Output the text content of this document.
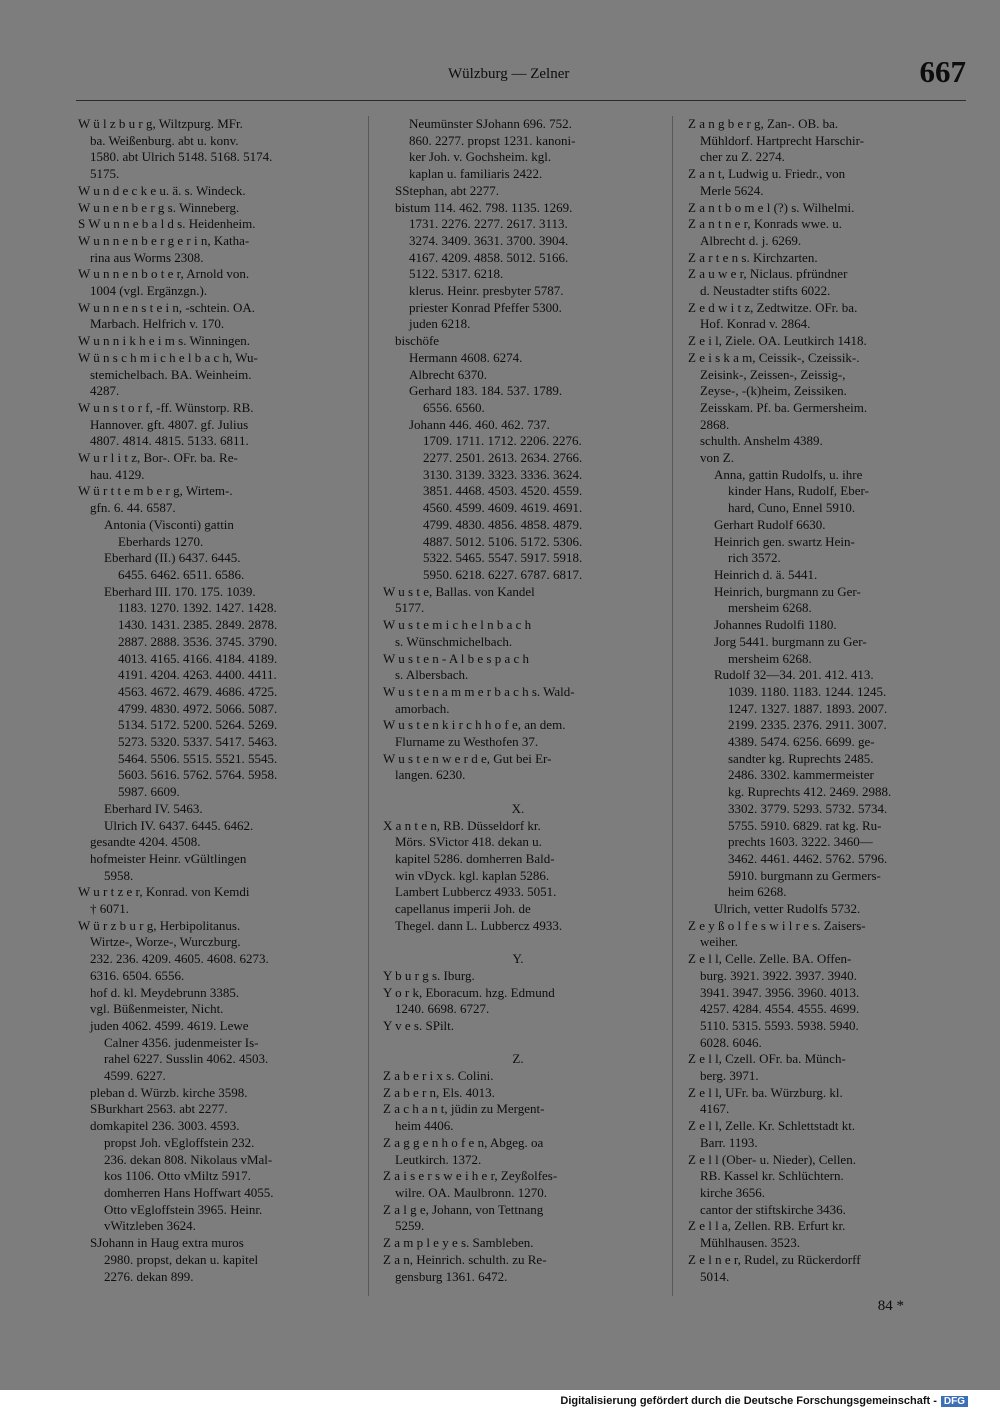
Wülzburg — Zelner	667
W ü l z b u r g, Wiltzpurg. MFr.
ba. Weißenburg. abt u. konv.
1580. abt Ulrich 5148. 5168. 5174.
5175.
W u n d e c k e u. ä. s. Windeck.
W u n e n b e r g s. Winneberg.
S W u n n e b a l d s. Heidenheim.
W u n n e n b e r g e r i n, Katha-
rina aus Worms 2308.
W u n n e n b o t e r, Arnold von.
1004 (vgl. Ergänzgn.).
W u n n e n s t e i n, -schtein. OA.
Marbach. Helfrich v. 170.
W u n n i k h e i m s. Winningen.
W ü n s c h m i c h e l b a c h, Wu-
stemichelbach. BA. Weinheim.
4287.
W u n s t o r f, -ff. Wünstorp. RB.
Hannover. gft. 4807. gf. Julius
4807. 4814. 4815. 5133. 6811.
W u r l i t z, Bor-. OFr. ba. Re-
hau. 4129.
W ü r t t e m b e r g, Wirtem-.
gfn. 6. 44. 6587.
Antonia (Visconti) gattin
Eberhards 1270.
Eberhard (II.) 6437. 6445.
6455. 6462. 6511. 6586.
Eberhard III. 170. 175. 1039.
1183. 1270. 1392. 1427. 1428.
1430. 1431. 2385. 2849. 2878.
2887. 2888. 3536. 3745. 3790.
4013. 4165. 4166. 4184. 4189.
4191. 4204. 4263. 4400. 4411.
4563. 4672. 4679. 4686. 4725.
4799. 4830. 4972. 5066. 5087.
5134. 5172. 5200. 5264. 5269.
5273. 5320. 5337. 5417. 5463.
5464. 5506. 5515. 5521. 5545.
5603. 5616. 5762. 5764. 5958.
5987. 6609.
Eberhard IV. 5463.
Ulrich IV. 6437. 6445. 6462.
gesandte 4204. 4508.
hofmeister Heinr. vGültlingen
5958.
W u r t z e r, Konrad. von Kemdi
† 6071.
W ü r z b u r g, Herbipolitanus.
Wirtze-, Worze-, Wurczburg.
232. 236. 4209. 4605. 4608. 6273.
6316. 6504. 6556.
hof d. kl. Meydebrunn 3385.
vgl. Büßenmeister, Nicht.
juden 4062. 4599. 4619. Lewe
Calner 4356. judenmeister Is-
rahel 6227. Susslin 4062. 4503.
4599. 6227.
pleban d. Würzb. kirche 3598.
SBurkhart 2563. abt 2277.
domkapitel 236. 3003. 4593.
propst Joh. vEgloffstein 232.
236. dekan 808. Nikolaus vMal-
kos 1106. Otto vMiltz 5917.
domherren Hans Hoffwart 4055.
Otto vEgloffstein 3965. Heinr.
vWitzleben 3624.
SJohann in Haug extra muros
2980. propst, dekan u. kapitel
2276. dekan 899.
Neumünster SJohann 696. 752.
860. 2277. propst 1231. kanoni-
ker Joh. v. Gochsheim. kgl.
kaplan u. familiaris 2422.
SStephan, abt 2277.
bistum 114. 462. 798. 1135. 1269.
1731. 2276. 2277. 2617. 3113.
3274. 3409. 3631. 3700. 3904.
4167. 4209. 4858. 5012. 5166.
5122. 5317. 6218.
klerus. Heinr. presbyter 5787.
priester Konrad Pfeffer 5300.
juden 6218.
bischöfe
Hermann 4608. 6274.
Albrecht 6370.
Gerhard 183. 184. 537. 1789.
6556. 6560.
Johann 446. 460. 462. 737.
1709. 1711. 1712. 2206. 2276.
2277. 2501. 2613. 2634. 2766.
3130. 3139. 3323. 3336. 3624.
3851. 4468. 4503. 4520. 4559.
4560. 4599. 4609. 4619. 4691.
4799. 4830. 4856. 4858. 4879.
4887. 5012. 5106. 5172. 5306.
5322. 5465. 5547. 5917. 5918.
5950. 6218. 6227. 6787. 6817.
W u s t e, Ballas. von Kandel
5177.
W u s t e m i c h e l n b a c h
s. Wünschmichelbach.
W u s t e n - A l b e s p a c h
s. Albersbach.
W u s t e n a m m e r b a c h s. Wald-
amorbach.
W u s t e n k i r c h h o f e, an dem.
Flurname zu Westhofen 37.
W u s t e n w e r d e, Gut bei Er-
langen. 6230.

X.
X a n t e n, RB. Düsseldorf kr.
Mörs. SVictor 418. dekan u.
kapitel 5286. domherren Bald-
win vDyck. kgl. kaplan 5286.
Lambert Lubbercz 4933. 5051.
capellanus imperii Joh. de
Thegel. dann L. Lubbercz 4933.

Y.
Y b u r g s. Iburg.
Y o r k, Eboracum. hzg. Edmund
1240. 6698. 6727.
Y v e s. SPilt.

Z.
Z a b e r i x s. Colini.
Z a b e r n, Els. 4013.
Z a c h a n t, jüdin zu Mergent-
heim 4406.
Z a g g e n h o f e n, Abgeg. oa
Leutkirch. 1372.
Z a i s e r s w e i h e r, Zeyßolfes-
wilre. OA. Maulbronn. 1270.
Z a l g e, Johann, von Tettnang
5259.
Z a m p l e y e s. Sambleben.
Z a n, Heinrich. schulth. zu Re-
gensburg 1361. 6472.
Z a n g b e r g, Zan-. OB. ba.
Mühldorf. Hartprecht Harschir-
cher zu Z. 2274.
Z a n t, Ludwig u. Friedr., von
Merle 5624.
Z a n t b o m e l (?) s. Wilhelmi.
Z a n t n e r, Konrads wwe. u.
Albrecht d. j. 6269.
Z a r t e n s. Kirchzarten.
Z a u w e r, Niclaus. pfründner
d. Neustadter stifts 6022.
Z e d w i t z, Zedtwitze. OFr. ba.
Hof. Konrad v. 2864.
Z e i l, Ziele. OA. Leutkirch 1418.
Z e i s k a m, Ceissik-, Czeissik-.
Zeisink-, Zeissen-, Zeissig-,
Zeyse-, -(k)heim, Zeissiken.
Zeisskam. Pf. ba. Germersheim.
2868.
schulth. Anshelm 4389.
von Z.
Anna, gattin Rudolfs, u. ihre
kinder Hans, Rudolf, Eber-
hard, Cuno, Ennel 5910.
Gerhart Rudolf 6630.
Heinrich gen. swartz Hein-
rich 3572.
Heinrich d. ä. 5441.
Heinrich, burgmann zu Ger-
mersheim 6268.
Johannes Rudolfi 1180.
Jorg 5441. burgmann zu Ger-
mersheim 6268.
Rudolf 32—34. 201. 412. 413.
1039. 1180. 1183. 1244. 1245.
1247. 1327. 1887. 1893. 2007.
2199. 2335. 2376. 2911. 3007.
4389. 5474. 6256. 6699. ge-
sandter kg. Ruprechts 2485.
2486. 3302. kammermeister
kg. Ruprechts 412. 2469. 2988.
3302. 3779. 5293. 5732. 5734.
5755. 5910. 6829. rat kg. Ru-
prechts 1603. 3222. 3460—
3462. 4461. 4462. 5762. 5796.
5910. burgmann zu Germers-
heim 6268.
Ulrich, vetter Rudolfs 5732.
Z e y ß o l f e s w i l r e s. Zaisers-
weiher.
Z e l l, Celle. Zelle. BA. Offen-
burg. 3921. 3922. 3937. 3940.
3941. 3947. 3956. 3960. 4013.
4257. 4284. 4554. 4555. 4699.
5110. 5315. 5593. 5938. 5940.
6028. 6046.
Z e l l, Czell. OFr. ba. Münch-
berg. 3971.
Z e l l, UFr. ba. Würzburg. kl.
4167.
Z e l l, Zelle. Kr. Schlettstadt kt.
Barr. 1193.
Z e l l (Ober- u. Nieder), Cellen.
RB. Kassel kr. Schlüchtern.
kirche 3656.
cantor der stiftskirche 3436.
Z e l l a, Zellen. RB. Erfurt kr.
Mühlhausen. 3523.
Z e l n e r, Rudel, zu Rückerdorff
5014.
84 *
Digitalisierung gefördert durch die Deutsche Forschungsgemeinschaft - DFG
